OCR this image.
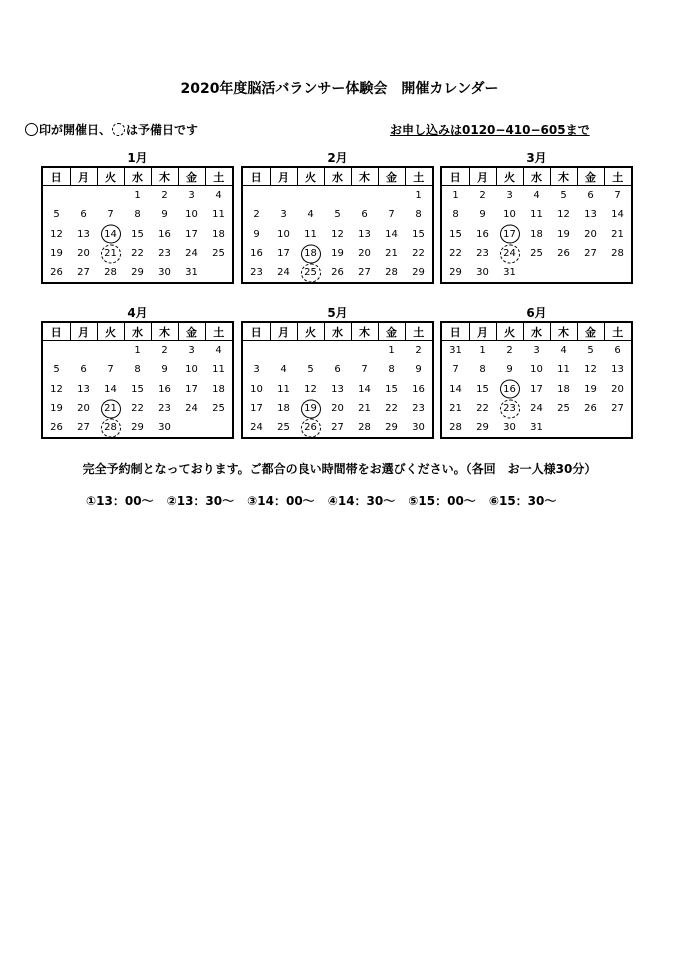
2020年度脳活バランサー体験会　開催カレンダー
印が開催日、 は予備日です	お申し込みは0120−410−605まで
1月
日	月	火	水	木	金	土
			1	2	3	4
5	6	7	8	9	10	11
12	13	14	15	16	17	18
19	20	21	22	23	24	25
26	27	28	29	30	31	
2月
日	月	火	水	木	金	土
						1
2	3	4	5	6	7	8
9	10	11	12	13	14	15
16	17	18	19	20	21	22
23	24	25	26	27	28	29
3月
日	月	火	水	木	金	土
1	2	3	4	5	6	7
8	9	10	11	12	13	14
15	16	17	18	19	20	21
22	23	24	25	26	27	28
29	30	31				
4月
日	月	火	水	木	金	土
			1	2	3	4
5	6	7	8	9	10	11
12	13	14	15	16	17	18
19	20	21	22	23	24	25
26	27	28	29	30		
5月
日	月	火	水	木	金	土
					1	2
3	4	5	6	7	8	9
10	11	12	13	14	15	16
17	18	19	20	21	22	23
24	25	26	27	28	29	30
6月
日	月	火	水	木	金	土
31	1	2	3	4	5	6
7	8	9	10	11	12	13
14	15	16	17	18	19	20
21	22	23	24	25	26	27
28	29	30	31			
完全予約制となっております。ご都合の良い時間帯をお選びください。（各回　お一人様30分）
①13：00〜 ②13：30〜 ③14：00〜 ④14：30〜 ⑤15：00〜 ⑥15：30〜
